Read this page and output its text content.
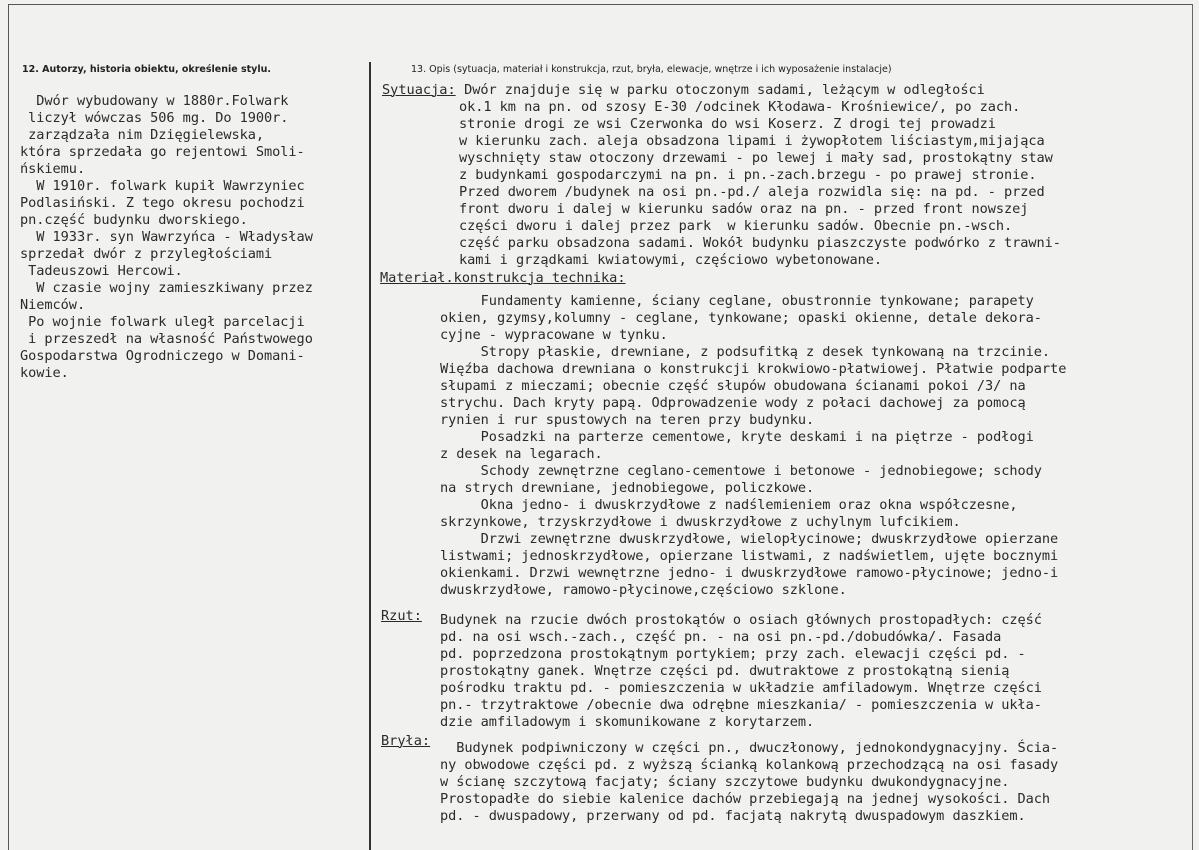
12. Autorzy, historia obiektu, określenie stylu.	13. Opis (sytuacja, materiał i konstrukcja, rzut, bryła, elewacje, wnętrze i ich wyposażenie instalacje)
Dwór wybudowany w 1880r.Folwark
liczył wówczas 506 mg. Do 1900r.
zarządzała nim Dzięgielewska,
która sprzedała go rejentowi Smoli-
ńskiemu.
W 1910r. folwark kupił Wawrzyniec
Podlasiński. Z tego okresu pochodzi
pn.część budynku dworskiego.
W 1933r. syn Wawrzyńca - Władysław
sprzedał dwór z przyległościami
Tadeuszowi Hercowi.
W czasie wojny zamieszkiwany przez
Niemców.
Po wojnie folwark uległ parcelacji
i przeszedł na własność Państwowego
Gospodarstwa Ogrodniczego w Domani-
kowie.
Sytuacja: Dwór znajduje się w parku otoczonym sadami, leżącym w odległości
ok.1 km na pn. od szosy E-30 /odcinek Kłodawa- Krośniewice/, po zach.
stronie drogi ze wsi Czerwonka do wsi Koserz. Z drogi tej prowadzi
w kierunku zach. aleja obsadzona lipami i żywopłotem liściastym,mijająca
wyschnięty staw otoczony drzewami - po lewej i mały sad, prostokątny staw
z budynkami gospodarczymi na pn. i pn.-zach.brzegu - po prawej stronie.
Przed dworem /budynek na osi pn.-pd./ aleja rozwidla się: na pd. - przed
front dworu i dalej w kierunku sadów oraz na pn. - przed front nowszej
części dworu i dalej przez park  w kierunku sadów. Obecnie pn.-wsch.
część parku obsadzona sadami. Wokół budynku piaszczyste podwórko z trawni-
kami i grządkami kwiatowymi, częściowo wybetonowane.
Materiał.konstrukcja technika:
Fundamenty kamienne, ściany ceglane, obustronnie tynkowane; parapety
okien, gzymsy,kolumny - ceglane, tynkowane; opaski okienne, detale dekora-
cyjne - wypracowane w tynku.
Stropy płaskie, drewniane, z podsufitką z desek tynkowaną na trzcinie.
Więźba dachowa drewniana o konstrukcji krokwiowo-płatwiowej. Płatwie podparte
słupami z mieczami; obecnie część słupów obudowana ścianami pokoi /3/ na
strychu. Dach kryty papą. Odprowadzenie wody z połaci dachowej za pomocą
rynien i rur spustowych na teren przy budynku.
Posadzki na parterze cementowe, kryte deskami i na piętrze - podłogi
z desek na legarach.
Schody zewnętrzne ceglano-cementowe i betonowe - jednobiegowe; schody
na strych drewniane, jednobiegowe, policzkowe.
Okna jedno- i dwuskrzydłowe z nadślemieniem oraz okna współczesne,
skrzynkowe, trzyskrzydłowe i dwuskrzydłowe z uchylnym lufcikiem.
Drzwi zewnętrzne dwuskrzydłowe, wielopłycinowe; dwuskrzydłowe opierzane
listwami; jednoskrzydłowe, opierzane listwami, z nadświetlem, ujęte bocznymi
okienkami. Drzwi wewnętrzne jedno- i dwuskrzydłowe ramowo-płycinowe; jedno-i
dwuskrzydłowe, ramowo-płycinowe,częściowo szklone.
Rzut: Budynek na rzucie dwóch prostokątów o osiach głównych prostopadłych: część
pd. na osi wsch.-zach., część pn. - na osi pn.-pd./dobudówka/. Fasada
pd. poprzedzona prostokątnym portykiem; przy zach. elewacji części pd. -
prostokątny ganek. Wnętrze części pd. dwutraktowe z prostokątną sienią
pośrodku traktu pd. - pomieszczenia w układzie amfiladowym. Wnętrze części
pn.- trzytraktowe /obecnie dwa odrębne mieszkania/ - pomieszczenia w ukła-
dzie amfiladowym i skomunikowane z korytarzem.
Bryła: Budynek podpiwniczony w części pn., dwuczłonowy, jednokondygnacyjny. Ścia-
ny obwodowe części pd. z wyższą ścianką kolankową przechodzącą na osi fasady
w ścianę szczytową facjaty; ściany szczytowe budynku dwukondygnacyjne.
Prostopadłe do siebie kalenice dachów przebiegają na jednej wysokości. Dach
pd. - dwuspadowy, przerwany od pd. facjatą nakrytą dwuspadowym daszkiem.
